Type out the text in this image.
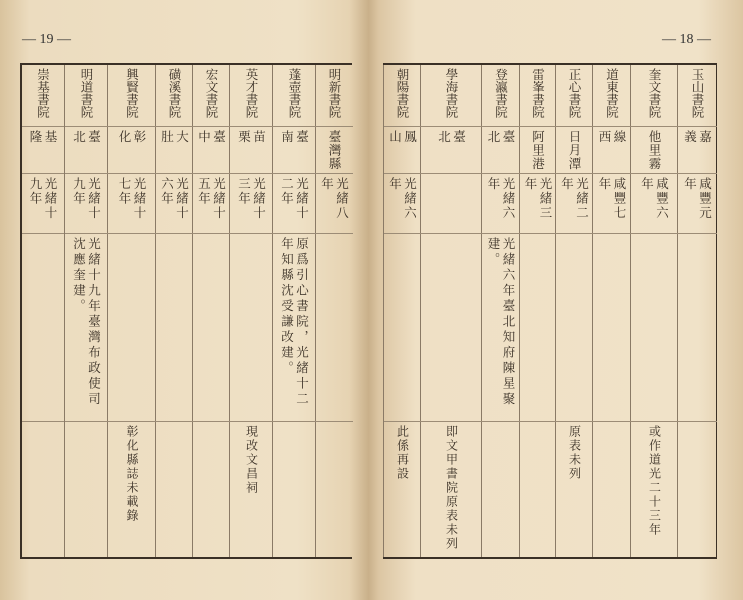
— 19 —	— 18 —
明新書院
臺灣縣
光緒八年
蓬壺書院
臺南
光緒十二年
原爲引心書院，光緒十二年知縣沈受謙改建。
英才書院
苗栗
光緒十三年
現改文昌祠
宏文書院
臺中
光緒十五年
磺溪書院
大肚
光緒十六年
興賢書院
彰化
光緒十七年
彰化縣誌未載錄
明道書院
臺北
光緒十九年
光緒十九年臺灣布政使司沈應奎建。
崇基書院
基隆
光緒十九年
玉山書院
嘉義
咸豐元年
奎文書院
他里霧
咸豐六年
或作道光二十三年
道東書院
線西
咸豐七年
正心書院
日月潭
光緒二年
原表未列
雷峯書院
阿里港
光緒三年
登瀛書院
臺北
光緒六年
光緒六年臺北知府陳星聚建。
學海書院
臺北
即文甲書院原表未列
朝陽書院
鳳山
光緒六年
此係再設
